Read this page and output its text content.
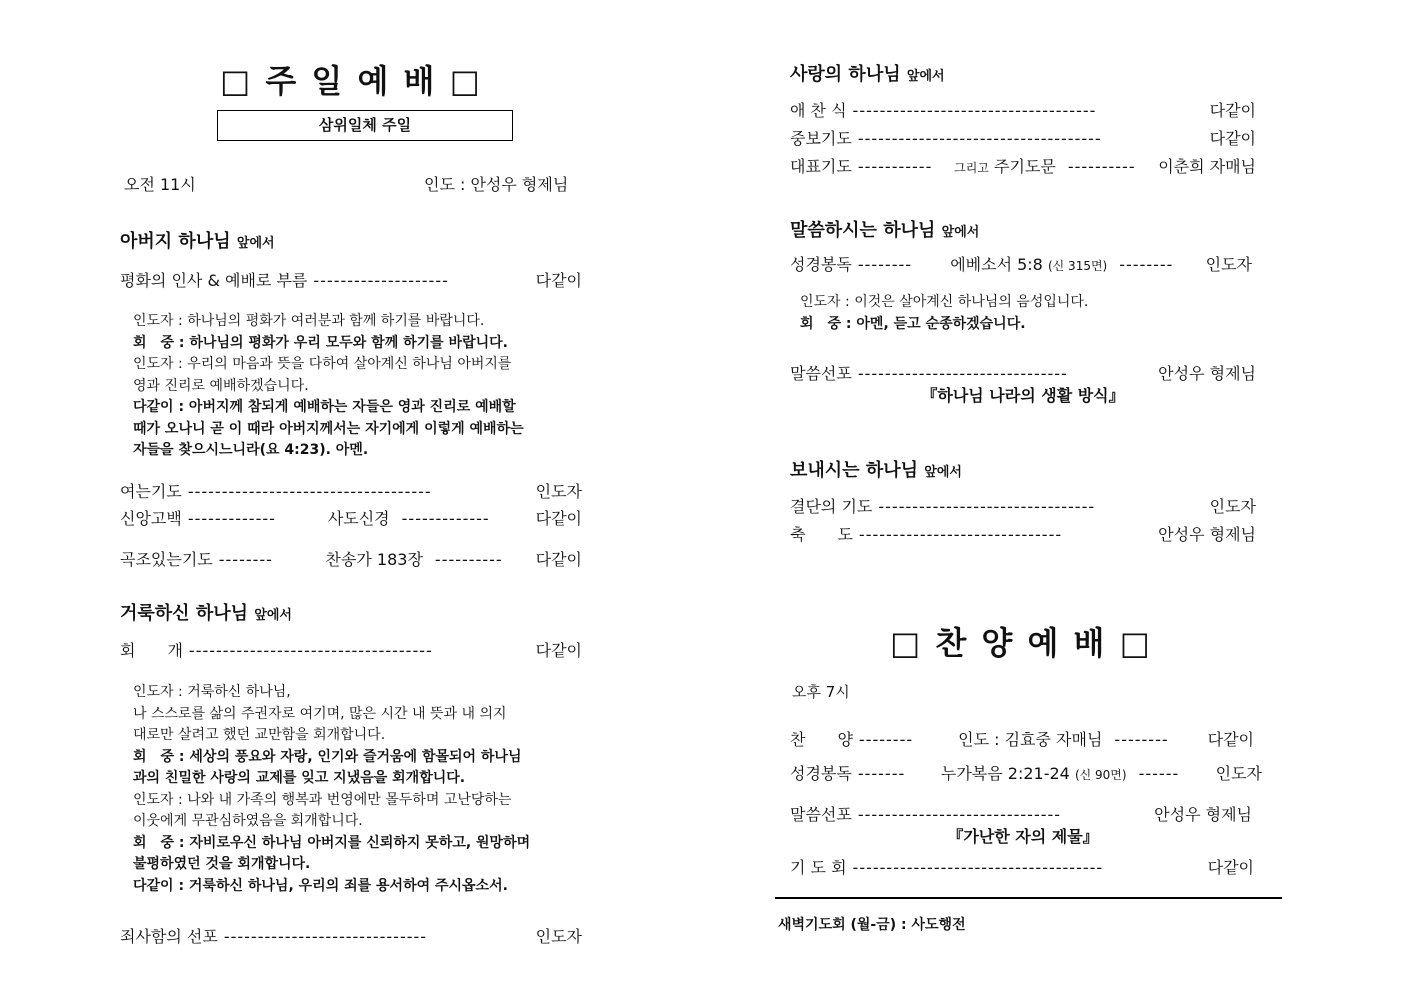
□ 주 일 예 배 □
삼위일체 주일
오전 11시	인도 : 안성우 형제님
아버지 하나님 앞에서
평화의 인사 & 예배로 부름 --------------------	다같이
인도자 : 하나님의 평화가 여러분과 함께 하기를 바랍니다.
회　중 : 하나님의 평화가 우리 모두와 함께 하기를 바랍니다.
인도자 : 우리의 마음과 뜻을 다하여 살아계신 하나님 아버지를
영과 진리로 예배하겠습니다.
다같이 : 아버지께 참되게 예배하는 자들은 영과 진리로 예배할
때가 오나니 곧 이 때라 아버지께서는 자기에게 이렇게 예배하는
자들을 찾으시느니라(요 4:23). 아멘.
여는기도 ------------------------------------	인도자
신앙고백 -------------	사도신경 -------------	다같이
곡조있는기도 --------	찬송가 183장 ----------	다같이
거룩하신 하나님 앞에서
회　　개 ------------------------------------	다같이
인도자 : 거룩하신 하나님,
나 스스로를 삶의 주권자로 여기며, 많은 시간 내 뜻과 내 의지
대로만 살려고 했던 교만함을 회개합니다.
회　중 : 세상의 풍요와 자랑, 인기와 즐거움에 함몰되어 하나님
과의 친밀한 사랑의 교제를 잊고 지냈음을 회개합니다.
인도자 : 나와 내 가족의 행복과 번영에만 몰두하며 고난당하는
이웃에게 무관심하였음을 회개합니다.
회　중 : 자비로우신 하나님 아버지를 신뢰하지 못하고, 원망하며
불평하였던 것을 회개합니다.
다같이 : 거룩하신 하나님, 우리의 죄를 용서하여 주시옵소서.
죄사함의 선포 ------------------------------	인도자
사랑의 하나님 앞에서
애 찬 식 ------------------------------------	다같이
중보기도 ------------------------------------	다같이
대표기도 -----------	그리고 주기도문 ----------	이춘희 자매님
말씀하시는 하나님 앞에서
성경봉독 --------	에베소서 5:8 (신 315면) --------	인도자
인도자 : 이것은 살아계신 하나님의 음성입니다.
회　중 : 아멘, 듣고 순종하겠습니다.
말씀선포 -------------------------------	안성우 형제님
『하나님 나라의 생활 방식』
보내시는 하나님 앞에서
결단의 기도 --------------------------------	인도자
축　　도 ------------------------------	안성우 형제님
□ 찬 양 예 배 □
오후 7시
찬　　양 --------	인도 : 김효중 자매님 --------	다같이
성경봉독 -------	누가복음 2:21-24 (신 90면) ------	인도자
말씀선포 ------------------------------	안성우 형제님
『가난한 자의 제물』
기 도 회 -------------------------------------	다같이
새벽기도회 (월-금) : 사도행전
